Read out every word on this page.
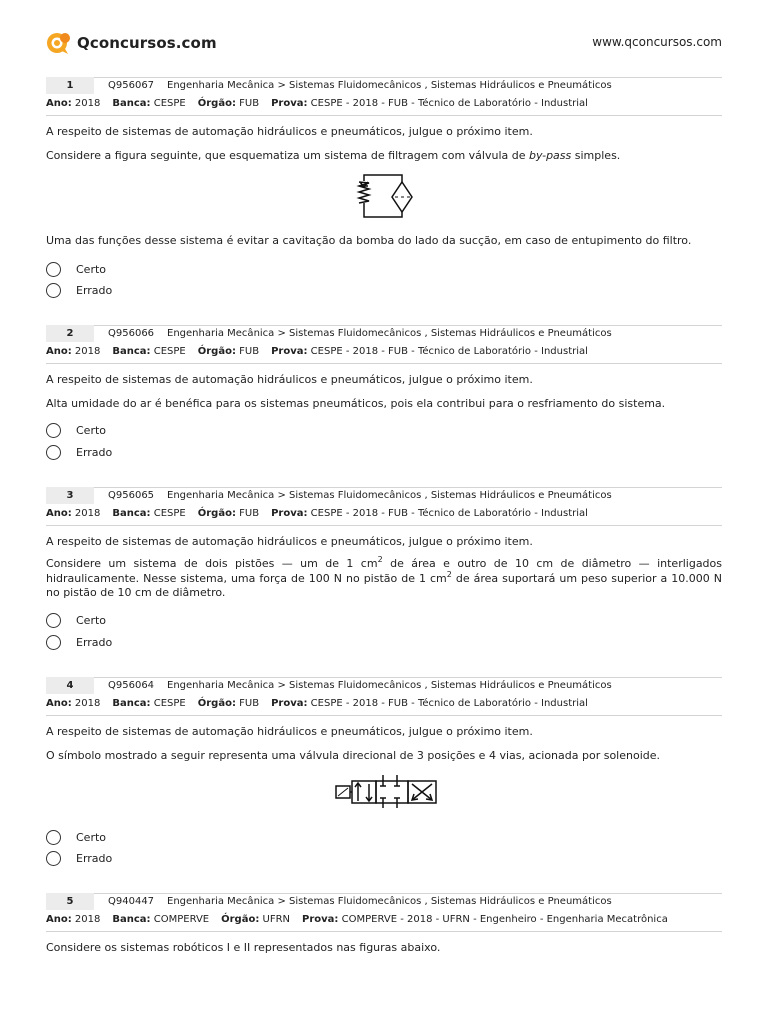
Qconcursos.com	www.qconcursos.com
1	Q956067 Engenharia Mecânica > Sistemas Fluidomecânicos , Sistemas Hidráulicos e Pneumáticos
Ano: 2018 Banca: CESPE Órgão: FUB Prova: CESPE - 2018 - FUB - Técnico de Laboratório - Industrial
A respeito de sistemas de automação hidráulicos e pneumáticos, julgue o próximo item.
Considere a figura seguinte, que esquematiza um sistema de filtragem com válvula de by-pass simples.
Uma das funções desse sistema é evitar a cavitação da bomba do lado da sucção, em caso de entupimento do filtro.
Certo
Errado
2	Q956066 Engenharia Mecânica > Sistemas Fluidomecânicos , Sistemas Hidráulicos e Pneumáticos
Ano: 2018 Banca: CESPE Órgão: FUB Prova: CESPE - 2018 - FUB - Técnico de Laboratório - Industrial
A respeito de sistemas de automação hidráulicos e pneumáticos, julgue o próximo item.
Alta umidade do ar é benéfica para os sistemas pneumáticos, pois ela contribui para o resfriamento do sistema.
Certo
Errado
3	Q956065 Engenharia Mecânica > Sistemas Fluidomecânicos , Sistemas Hidráulicos e Pneumáticos
Ano: 2018 Banca: CESPE Órgão: FUB Prova: CESPE - 2018 - FUB - Técnico de Laboratório - Industrial
A respeito de sistemas de automação hidráulicos e pneumáticos, julgue o próximo item.
Considere um sistema de dois pistões — um de 1 $cm^2$ de área e outro de 10 cm de diâmetro — interligados hidraulicamente. Nesse sistema, uma força de 100 N no pistão de 1 $cm^2$ de área suportará um peso superior a 10.000 N no pistão de 10 cm de diâmetro.
Certo
Errado
4	Q956064 Engenharia Mecânica > Sistemas Fluidomecânicos , Sistemas Hidráulicos e Pneumáticos
Ano: 2018 Banca: CESPE Órgão: FUB Prova: CESPE - 2018 - FUB - Técnico de Laboratório - Industrial
A respeito de sistemas de automação hidráulicos e pneumáticos, julgue o próximo item.
O símbolo mostrado a seguir representa uma válvula direcional de 3 posições e 4 vias, acionada por solenoide.
Certo
Errado
5	Q940447 Engenharia Mecânica > Sistemas Fluidomecânicos , Sistemas Hidráulicos e Pneumáticos
Ano: 2018 Banca: COMPERVE Órgão: UFRN Prova: COMPERVE - 2018 - UFRN - Engenheiro - Engenharia Mecatrônica
Considere os sistemas robóticos I e II representados nas figuras abaixo.
